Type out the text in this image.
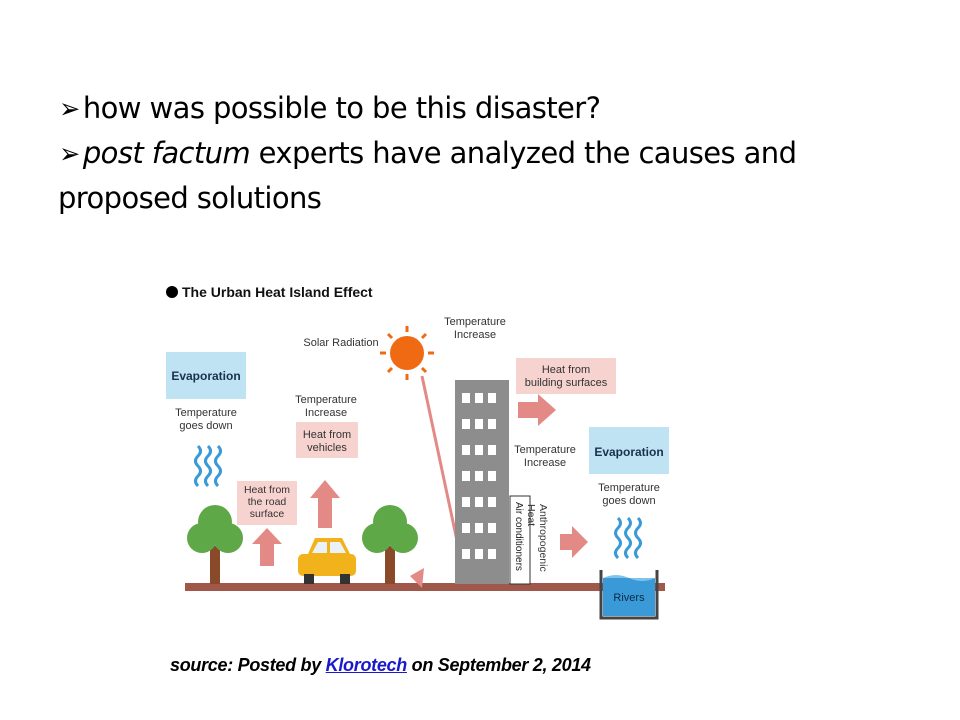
➢ how was possible to be this disaster?
➢ post factum experts have analyzed the causes and
proposed solutions
The Urban Heat Island Effect
Evaporation
Temperature
goes down
Heat from
the road
surface
Temperature
Increase
Heat from
vehicles
Solar Radiation
Temperature
Increase
Air conditioners Anthropogenic
Heat
Heat from
building surfaces
Temperature
Increase
Evaporation
Temperature
goes down
Rivers
source: Posted by Klorotech on September 2, 2014
